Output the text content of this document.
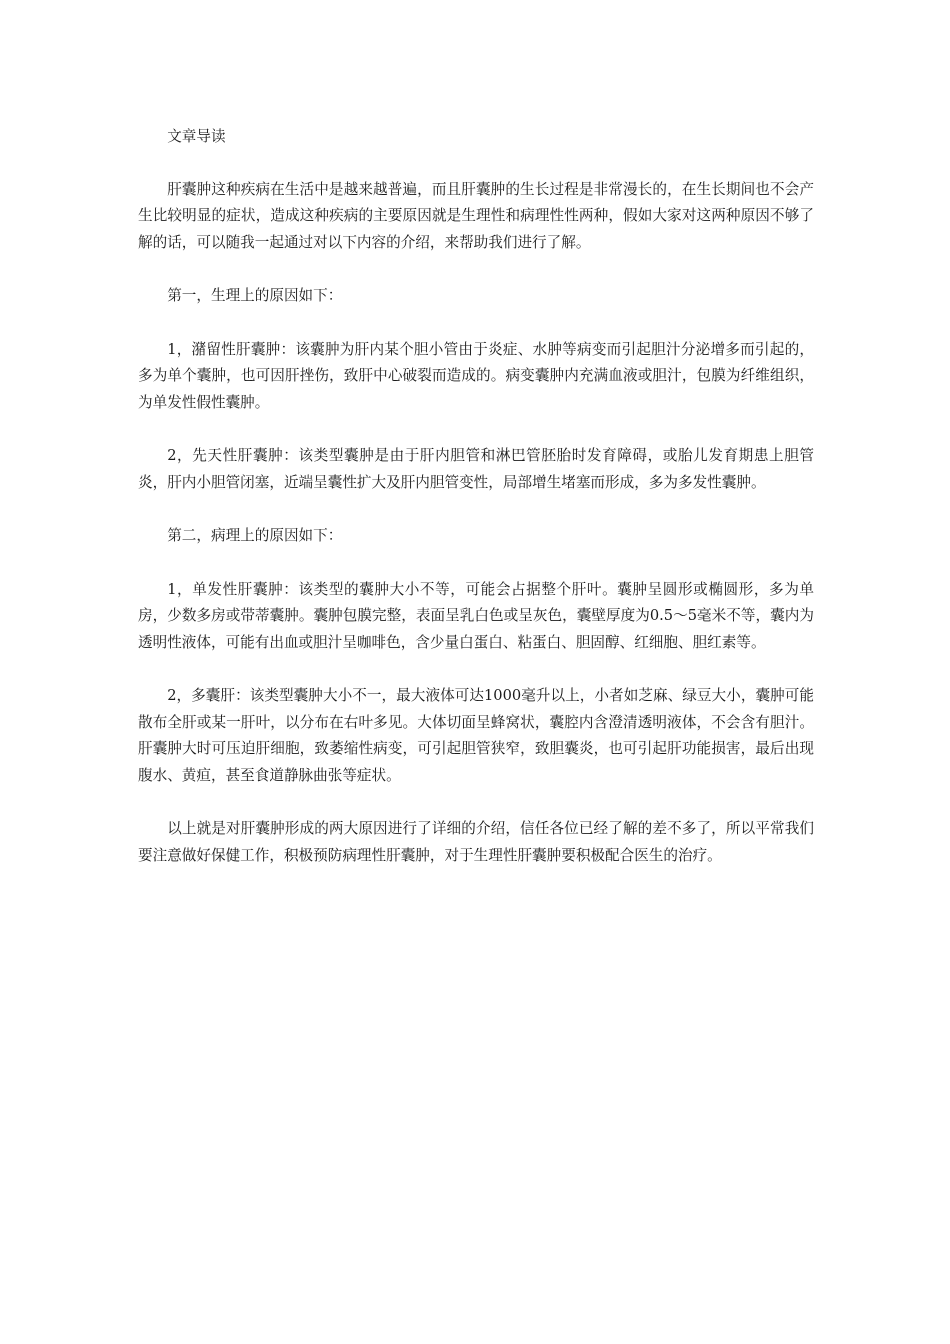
文章导读

肝囊肿这种疾病在生活中是越来越普遍，而且肝囊肿的生长过程是非常漫长的，在生长期间也不会产生比较明显的症状，造成这种疾病的主要原因就是生理性和病理性性两种，假如大家对这两种原因不够了解的话，可以随我一起通过对以下内容的介绍，来帮助我们进行了解。

第一，生理上的原因如下：

1，潴留性肝囊肿：该囊肿为肝内某个胆小管由于炎症、水肿等病变而引起胆汁分泌增多而引起的，多为单个囊肿，也可因肝挫伤，致肝中心破裂而造成的。病变囊肿内充满血液或胆汁，包膜为纤维组织，为单发性假性囊肿。

2，先天性肝囊肿：该类型囊肿是由于肝内胆管和淋巴管胚胎时发育障碍，或胎儿发育期患上胆管炎，肝内小胆管闭塞，近端呈囊性扩大及肝内胆管变性，局部增生堵塞而形成，多为多发性囊肿。

第二，病理上的原因如下：

1，单发性肝囊肿：该类型的囊肿大小不等，可能会占据整个肝叶。囊肿呈圆形或椭圆形，多为单房，少数多房或带蒂囊肿。囊肿包膜完整，表面呈乳白色或呈灰色，囊壁厚度为0.5～5毫米不等，囊内为透明性液体，可能有出血或胆汁呈咖啡色，含少量白蛋白、粘蛋白、胆固醇、红细胞、胆红素等。

2，多囊肝：该类型囊肿大小不一，最大液体可达1000毫升以上，小者如芝麻、绿豆大小，囊肿可能散布全肝或某一肝叶，以分布在右叶多见。大体切面呈蜂窝状，囊腔内含澄清透明液体，不会含有胆汁。肝囊肿大时可压迫肝细胞，致萎缩性病变，可引起胆管狭窄，致胆囊炎，也可引起肝功能损害，最后出现腹水、黄疸，甚至食道静脉曲张等症状。

以上就是对肝囊肿形成的两大原因进行了详细的介绍，信任各位已经了解的差不多了，所以平常我们要注意做好保健工作，积极预防病理性肝囊肿，对于生理性肝囊肿要积极配合医生的治疗。
